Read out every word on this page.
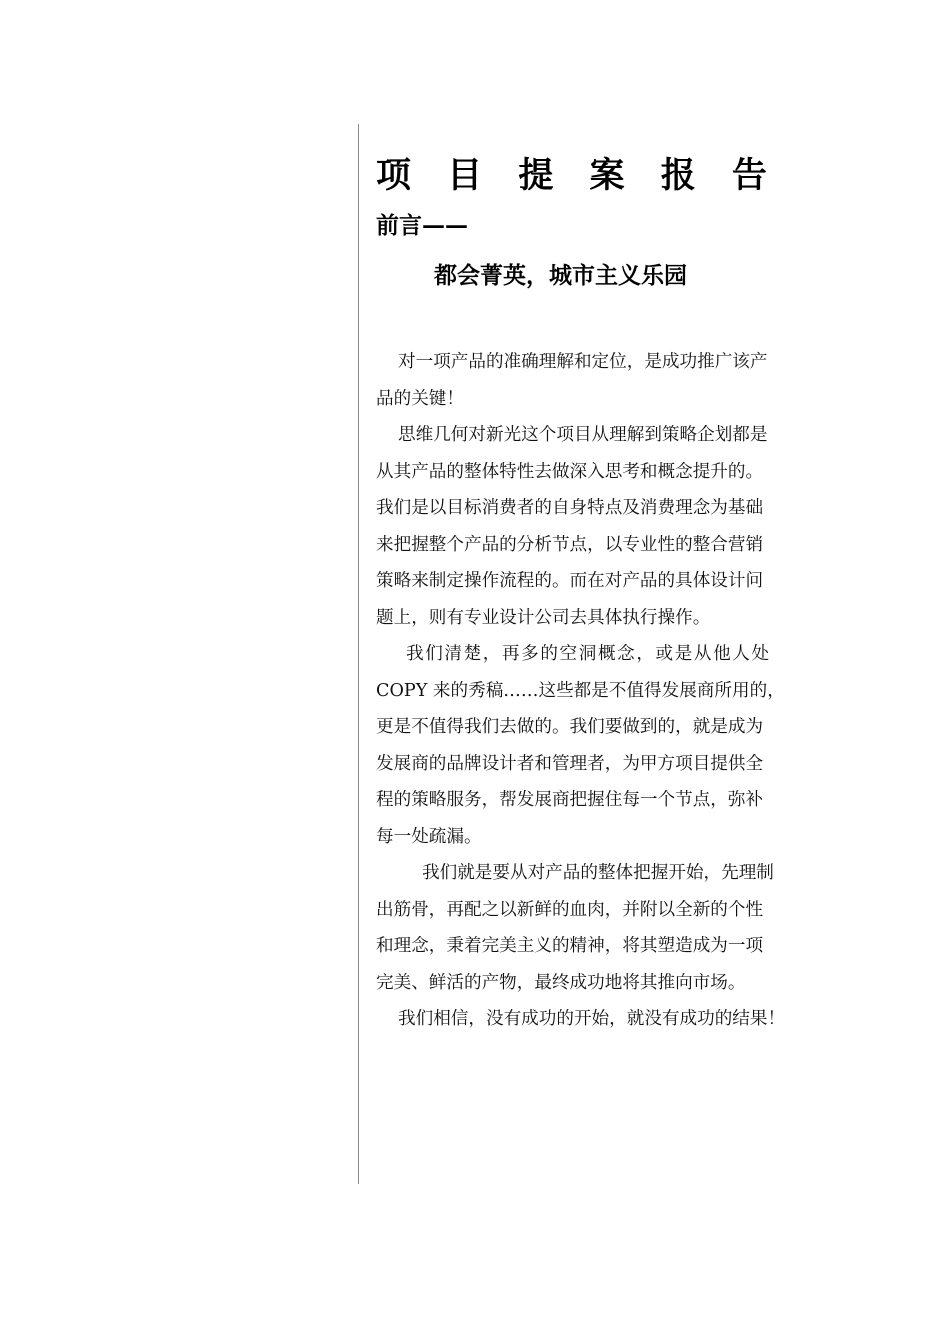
项 目 提 案 报 告
前言——
都会菁英，城市主义乐园
对一项产品的准确理解和定位，是成功推广该产
品的关键！
思维几何对新光这个项目从理解到策略企划都是
从其产品的整体特性去做深入思考和概念提升的。
我们是以目标消费者的自身特点及消费理念为基础
来把握整个产品的分析节点，以专业性的整合营销
策略来制定操作流程的。而在对产品的具体设计问
题上，则有专业设计公司去具体执行操作。
我们清楚，再多的空洞概念，或是从他人处
COPY 来的秀稿……这些都是不值得发展商所用的，
更是不值得我们去做的。我们要做到的，就是成为
发展商的品牌设计者和管理者，为甲方项目提供全
程的策略服务，帮发展商把握住每一个节点，弥补
每一处疏漏。
我们就是要从对产品的整体把握开始，先理制
出筋骨，再配之以新鲜的血肉，并附以全新的个性
和理念，秉着完美主义的精神，将其塑造成为一项
完美、鲜活的产物，最终成功地将其推向市场。
我们相信，没有成功的开始，就没有成功的结果！
